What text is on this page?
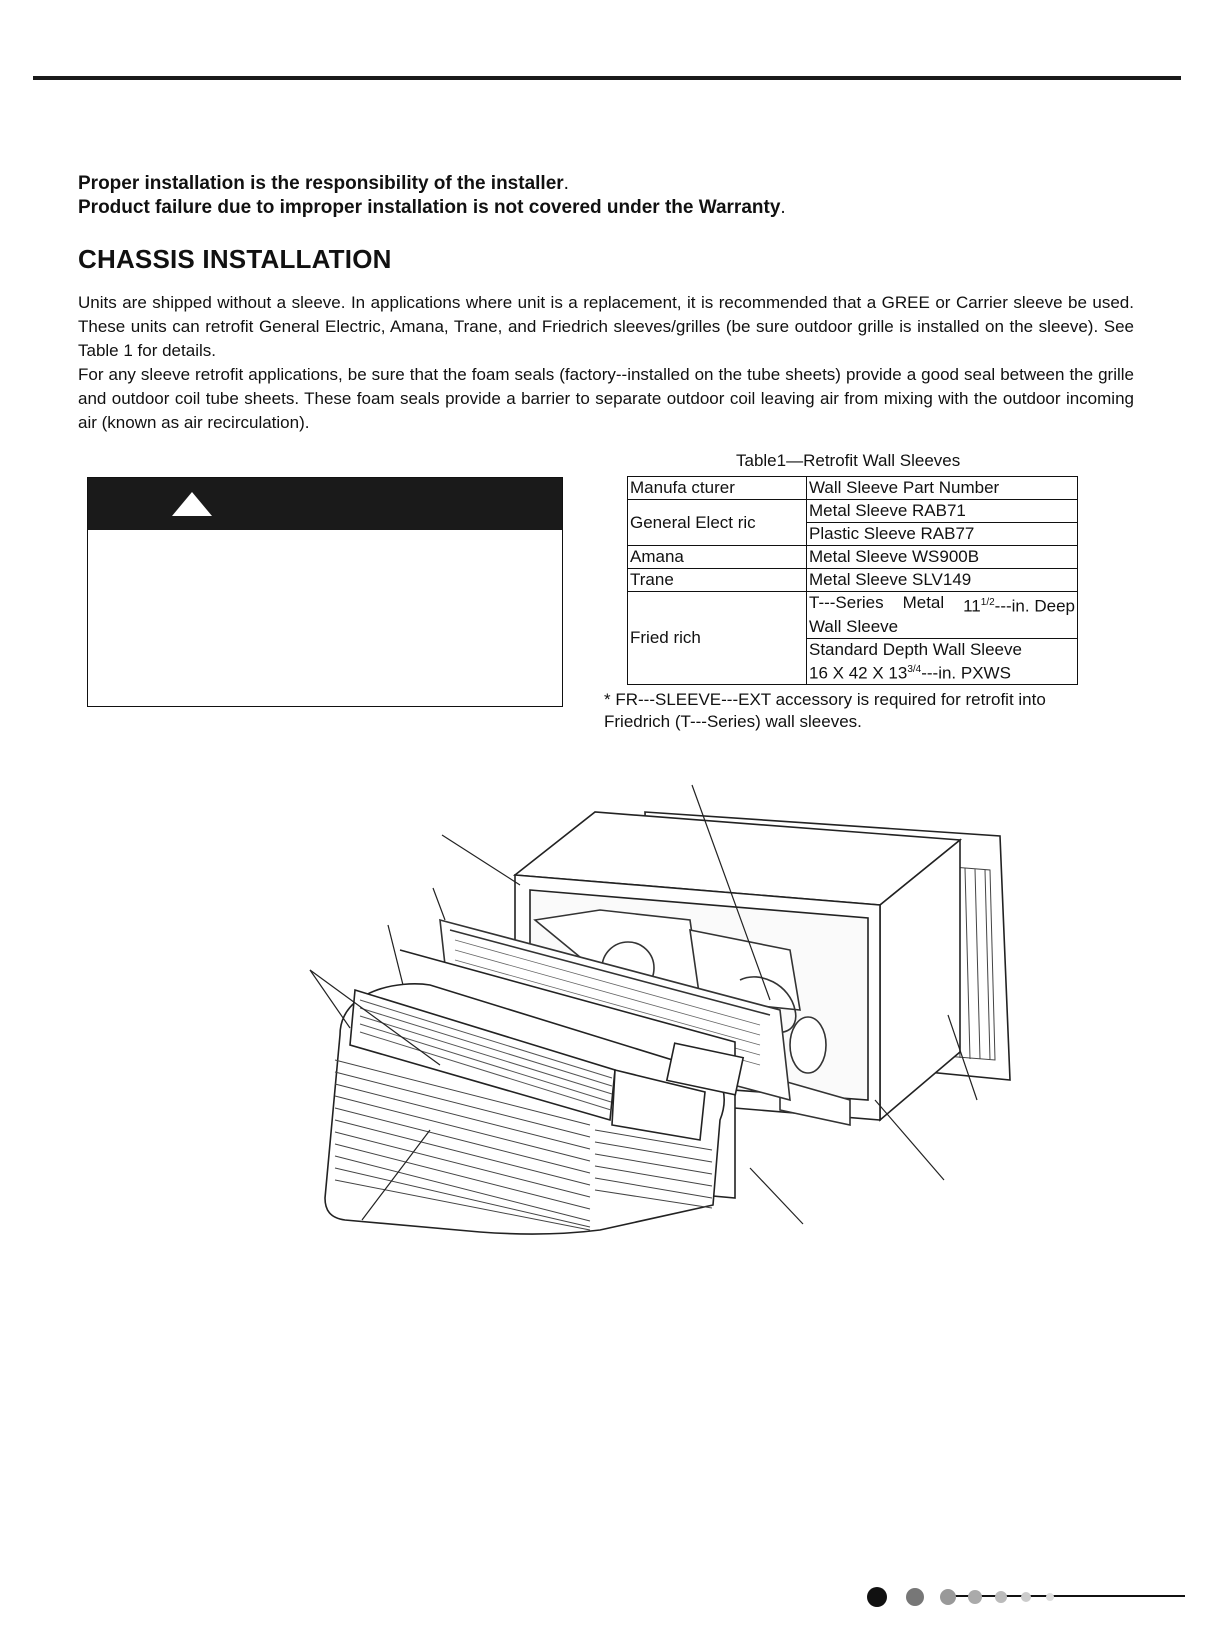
Proper installation is the responsibility of the installer.
Product failure due to improper installation is not covered under the Warranty.
CHASSIS INSTALLATION

Units are shipped without a sleeve. In applications where unit is a replacement, it is recommended that a GREE or Carrier sleeve be used. These units can retrofit General Electric, Amana, Trane, and Friedrich sleeves/grilles (be sure outdoor grille is installed on the sleeve). See Table 1 for details.

For any sleeve retrofit applications, be sure that the foam seals (factory--installed on the tube sheets) provide a good seal between the grille and outdoor coil tube sheets. These foam seals provide a barrier to separate outdoor coil leaving air from mixing with the outdoor incoming air (known as air recirculation).

Table1—Retrofit Wall Sleeves
Manufa cturer	Wall Sleeve Part Number
General Elect ric	Metal Sleeve RAB71
	Plastic Sleeve RAB77
Amana	Metal Sleeve WS900B
Trane	Metal Sleeve SLV149
Fried rich	T---Series Metal $11^{1/2}---in$. Deep
Wall Sleeve

	Standard Depth Wall Sleeve
16 X 42 X $13^{3/4}---in$. PXWS
* FR---SLEEVE---EXT accessory is required for retrofit into Friedrich (T---Series) wall sleeves.
